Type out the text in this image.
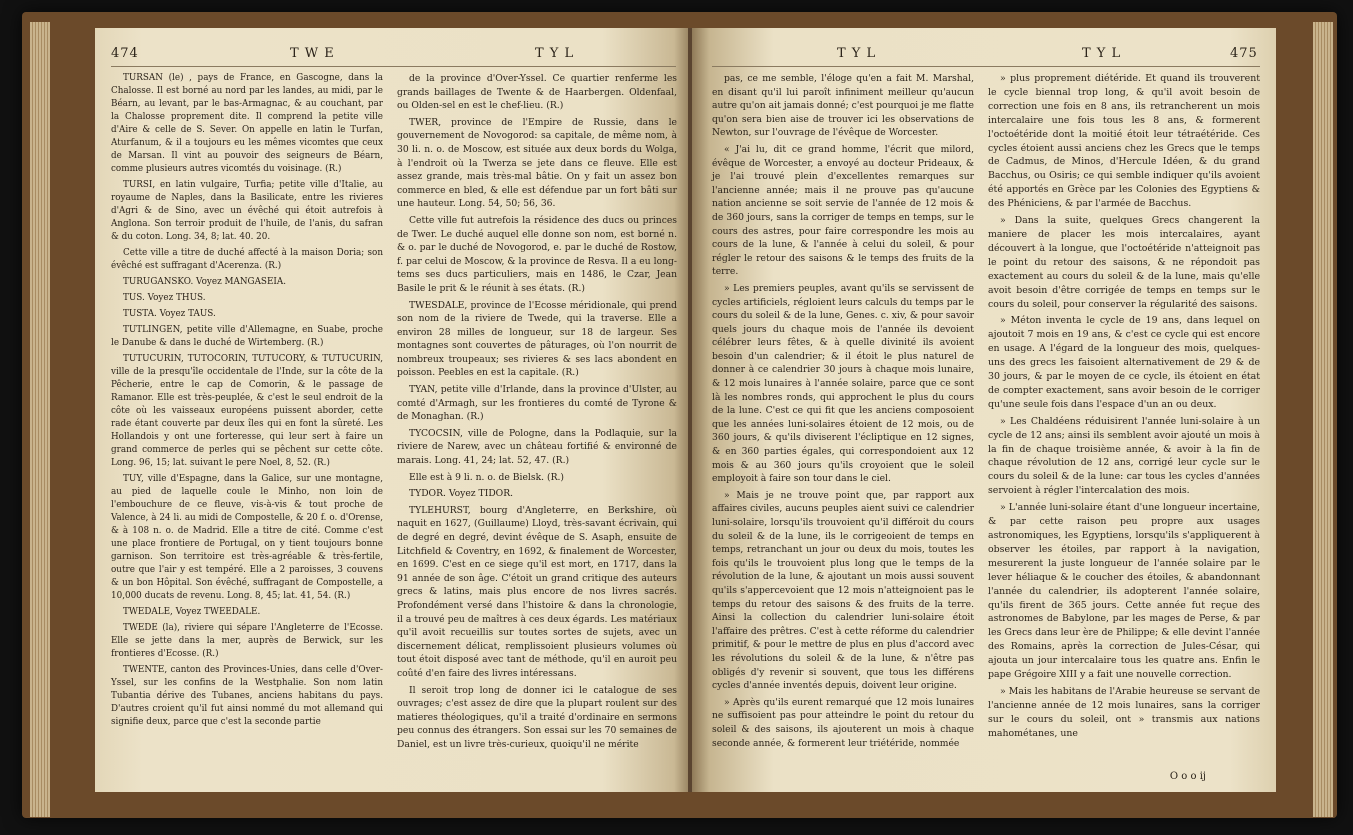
474	T W E	T Y L

TURSAN (le) , pays de France, en Gascogne, dans la Chalosse. Il est borné au nord par les landes, au midi, par le Béarn, au levant, par le bas-Armagnac, & au couchant, par la Chalosse proprement dite. Il comprend la petite ville d'Aire & celle de S. Sever. On appelle en latin le Turfan, Aturfanum, & il a toujours eu les mêmes vicomtes que ceux de Marsan. Il vint au pouvoir des seigneurs de Béarn, comme plusieurs autres vicomtés du voisinage. (R.)

TURSI, en latin vulgaire, Turfia; petite ville d'Italie, au royaume de Naples, dans la Basilicate, entre les rivieres d'Agri & de Sino, avec un évêché qui étoit autrefois à Anglona. Son terroir produit de l'huile, de l'anis, du safran & du coton. Long. 34, 8; lat. 40. 20.

Cette ville a titre de duché affecté à la maison Doria; son évêché est suffragant d'Acerenza. (R.)

TURUGANSKO. Voyez MANGASEIA.

TUS. Voyez THUS.

TUSTA. Voyez TAUS.

TUTLINGEN, petite ville d'Allemagne, en Suabe, proche le Danube & dans le duché de Wirtemberg. (R.)

TUTUCURIN, TUTOCORIN, TUTUCORY, & TUTUCURIN, ville de la presqu'île occidentale de l'Inde, sur la côte de la Pêcherie, entre le cap de Comorin, & le passage de Ramanor. Elle est très-peuplée, & c'est le seul endroit de la côte où les vaisseaux européens puissent aborder, cette rade étant couverte par deux îles qui en font la sûreté. Les Hollandois y ont une forteresse, qui leur sert à faire un grand commerce de perles qui se pêchent sur cette côte. Long. 96, 15; lat. suivant le pere Noel, 8, 52. (R.)

TUY, ville d'Espagne, dans la Galice, sur une montagne, au pied de laquelle coule le Minho, non loin de l'embouchure de ce fleuve, vis-à-vis & tout proche de Valence, à 24 li. au midi de Compostelle, & 20 f. o. d'Orense, & à 108 n. o. de Madrid. Elle a titre de cité. Comme c'est une place frontiere de Portugal, on y tient toujours bonne garnison. Son territoire est très-agréable & très-fertile, outre que l'air y est tempéré. Elle a 2 paroisses, 3 couvens & un bon Hôpital. Son évêché, suffragant de Compostelle, a 10,000 ducats de revenu. Long. 8, 45; lat. 41, 54. (R.)

TWEDALE, Voyez TWEEDALE.

TWEDE (la), riviere qui sépare l'Angleterre de l'Ecosse. Elle se jette dans la mer, auprès de Berwick, sur les frontieres d'Ecosse. (R.)

TWENTE, canton des Provinces-Unies, dans celle d'Over-Yssel, sur les confins de la Westphalie. Son nom latin Tubantia dérive des Tubanes, anciens habitans du pays. D'autres croient qu'il fut ainsi nommé du mot allemand qui signifie deux, parce que c'est la seconde partie

de la province d'Over-Yssel. Ce quartier renferme les grands baillages de Twente & de Haarbergen. Oldenfaal, ou Olden-sel en est le chef-lieu. (R.)

TWER, province de l'Empire de Russie, dans le gouvernement de Novogorod: sa capitale, de même nom, à 30 li. n. o. de Moscow, est située aux deux bords du Wolga, à l'endroit où la Twerza se jete dans ce fleuve. Elle est assez grande, mais très-mal bâtie. On y fait un assez bon commerce en bled, & elle est défendue par un fort bâti sur une hauteur. Long. 54, 50; 56, 36.

Cette ville fut autrefois la résidence des ducs ou princes de Twer. Le duché auquel elle donne son nom, est borné n. & o. par le duché de Novogorod, e. par le duché de Rostow, f. par celui de Moscow, & la province de Resva. Il a eu long-tems ses ducs particuliers, mais en 1486, le Czar, Jean Basile le prit & le réunit à ses états. (R.)

TWESDALE, province de l'Ecosse méridionale, qui prend son nom de la riviere de Twede, qui la traverse. Elle a environ 28 milles de longueur, sur 18 de largeur. Ses montagnes sont couvertes de pâturages, où l'on nourrit de nombreux troupeaux; ses rivieres & ses lacs abondent en poisson. Peebles en est la capitale. (R.)

TYAN, petite ville d'Irlande, dans la province d'Ulster, au comté d'Armagh, sur les frontieres du comté de Tyrone & de Monaghan. (R.)

TYCOCSIN, ville de Pologne, dans la Podlaquie, sur la riviere de Narew, avec un château fortifié & environné de marais. Long. 41, 24; lat. 52, 47. (R.)

Elle est à 9 li. n. o. de Bielsk. (R.)

TYDOR. Voyez TIDOR.

TYLEHURST, bourg d'Angleterre, en Berkshire, où naquit en 1627, (Guillaume) Lloyd, très-savant écrivain, qui de degré en degré, devint évêque de S. Asaph, ensuite de Litchfield & Coventry, en 1692, & finalement de Worcester, en 1699. C'est en ce siege qu'il est mort, en 1717, dans la 91 année de son âge. C'étoit un grand critique des auteurs grecs & latins, mais plus encore de nos livres sacrés. Profondément versé dans l'histoire & dans la chronologie, il a trouvé peu de maîtres à ces deux égards. Les matériaux qu'il avoit recueillis sur toutes sortes de sujets, avec un discernement délicat, remplissoient plusieurs volumes où tout étoit disposé avec tant de méthode, qu'il en auroit peu coûté d'en faire des livres intéressans.

Il seroit trop long de donner ici le catalogue de ses ouvrages; c'est assez de dire que la plupart roulent sur des matieres théologiques, qu'il a traité d'ordinaire en sermons peu connus des étrangers. Son essai sur les 70 semaines de Daniel, est un livre très-curieux, quoiqu'il ne mérite

T Y L	T Y L	475

pas, ce me semble, l'éloge qu'en a fait M. Marshal, en disant qu'il lui paroît infiniment meilleur qu'aucun autre qu'on ait jamais donné; c'est pourquoi je me flatte qu'on sera bien aise de trouver ici les observations de Newton, sur l'ouvrage de l'évêque de Worcester.

« J'ai lu, dit ce grand homme, l'écrit que milord, évêque de Worcester, a envoyé au docteur Prideaux, & je l'ai trouvé plein d'excellentes remarques sur l'ancienne année; mais il ne prouve pas qu'aucune nation ancienne se soit servie de l'année de 12 mois & de 360 jours, sans la corriger de temps en temps, sur le cours des astres, pour faire correspondre les mois au cours de la lune, & l'année à celui du soleil, & pour régler le retour des saisons & le temps des fruits de la terre.

» Les premiers peuples, avant qu'ils se servissent de cycles artificiels, régloient leurs calculs du temps par le cours du soleil & de la lune, Genes. c. xiv, & pour savoir quels jours du chaque mois de l'année ils devoient célébrer leurs fêtes, & à quelle divinité ils avoient besoin d'un calendrier; & il étoit le plus naturel de donner à ce calendrier 30 jours à chaque mois lunaire, & 12 mois lunaires à l'année solaire, parce que ce sont là les nombres ronds, qui approchent le plus du cours de la lune. C'est ce qui fit que les anciens composoient que les années luni-solaires étoient de 12 mois, ou de 360 jours, & qu'ils diviserent l'écliptique en 12 signes, & en 360 parties égales, qui correspondoient aux 12 mois & au 360 jours qu'ils croyoient que le soleil employoit à faire son tour dans le ciel.

» Mais je ne trouve point que, par rapport aux affaires civiles, aucuns peuples aient suivi ce calendrier luni-solaire, lorsqu'ils trouvoient qu'il différoit du cours du soleil & de la lune, ils le corrigeoient de temps en temps, retranchant un jour ou deux du mois, toutes les fois qu'ils le trouvoient plus long que le temps de la révolution de la lune, & ajoutant un mois aussi souvent qu'ils s'appercevoient que 12 mois n'atteignoient pas le temps du retour des saisons & des fruits de la terre. Ainsi la collection du calendrier luni-solaire étoit l'affaire des prêtres. C'est à cette réforme du calendrier primitif, & pour le mettre de plus en plus d'accord avec les révolutions du soleil & de la lune, & n'être pas obligés d'y revenir si souvent, que tous les différens cycles d'année inventés depuis, doivent leur origine.

» Après qu'ils eurent remarqué que 12 mois lunaires ne suffisoient pas pour atteindre le point du retour du soleil & des saisons, ils ajouterent un mois à chaque seconde année, & formerent leur triétéride, nommée

» plus proprement diétéride. Et quand ils trouverent le cycle biennal trop long, & qu'il avoit besoin de correction une fois en 8 ans, ils retrancherent un mois intercalaire une fois tous les 8 ans, & formerent l'octoétéride dont la moitié étoit leur tétraétéride. Ces cycles étoient aussi anciens chez les Grecs que le temps de Cadmus, de Minos, d'Hercule Idéen, & du grand Bacchus, ou Osiris; ce qui semble indiquer qu'ils avoient été apportés en Grèce par les Colonies des Egyptiens & des Phéniciens, & par l'armée de Bacchus.

» Dans la suite, quelques Grecs changerent la maniere de placer les mois intercalaires, ayant découvert à la longue, que l'octoétéride n'atteignoit pas le point du retour des saisons, & ne répondoit pas exactement au cours du soleil & de la lune, mais qu'elle avoit besoin d'être corrigée de temps en temps sur le cours du soleil, pour conserver la régularité des saisons.

» Méton inventa le cycle de 19 ans, dans lequel on ajoutoit 7 mois en 19 ans, & c'est ce cycle qui est encore en usage. A l'égard de la longueur des mois, quelques-uns des grecs les faisoient alternativement de 29 & de 30 jours, & par le moyen de ce cycle, ils étoient en état de compter exactement, sans avoir besoin de le corriger qu'une seule fois dans l'espace d'un an ou deux.

» Les Chaldéens réduisirent l'année luni-solaire à un cycle de 12 ans; ainsi ils semblent avoir ajouté un mois à la fin de chaque troisième année, & avoir à la fin de chaque révolution de 12 ans, corrigé leur cycle sur le cours du soleil & de la lune: car tous les cycles d'années servoient à régler l'intercalation des mois.

» L'année luni-solaire étant d'une longueur incertaine, & par cette raison peu propre aux usages astronomiques, les Egyptiens, lorsqu'ils s'appliquerent à observer les étoiles, par rapport à la navigation, mesurerent la juste longueur de l'année solaire par le lever héliaque & le coucher des étoiles, & abandonnant l'année du calendrier, ils adopterent l'année solaire, qu'ils firent de 365 jours. Cette année fut reçue des astronomes de Babylone, par les mages de Perse, & par les Grecs dans leur ère de Philippe; & elle devint l'année des Romains, après la correction de Jules-César, qui ajouta un jour intercalaire tous les quatre ans. Enfin le pape Grégoire XIII y a fait une nouvelle correction.

» Mais les habitans de l'Arabie heureuse se servant de l'ancienne année de 12 mois lunaires, sans la corriger sur le cours du soleil, ont » transmis aux nations mahométanes, une

O o o ij
